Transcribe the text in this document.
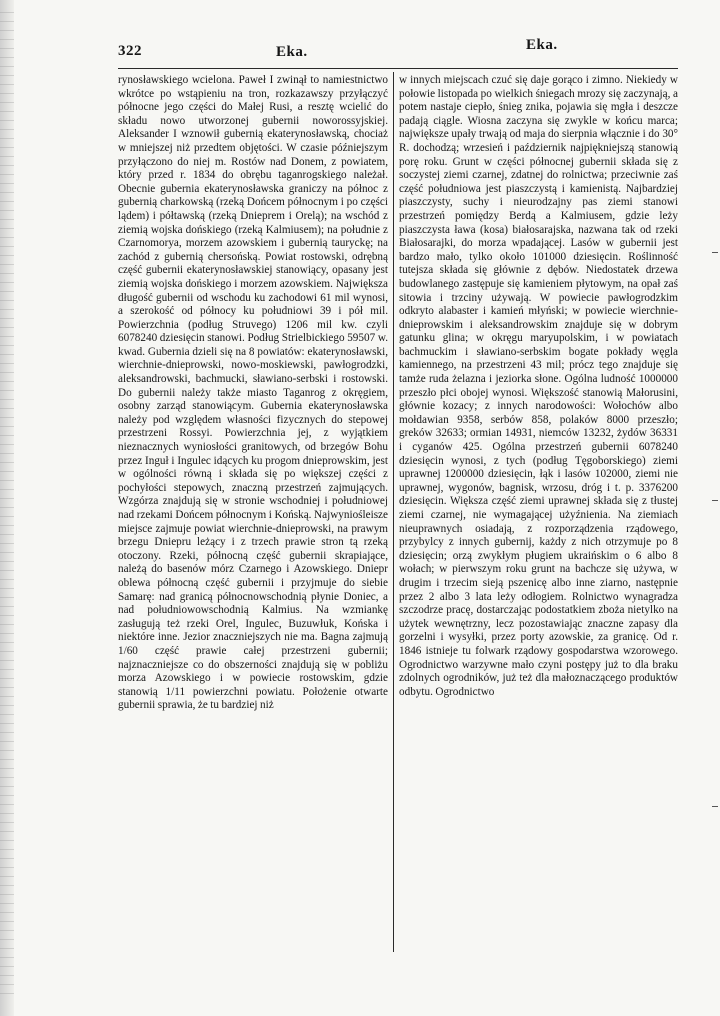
322	Eka.	Eka.

rynosławskiego wcielona. Paweł I zwinął to namiestnictwo wkrótce po wstąpieniu na tron, rozkazawszy przyłączyć północne jego części do Małej Rusi, a resztę wcielić do składu nowo utworzonej gubernii noworossyjskiej. Aleksander I wznowił gubernią ekaterynosławską, chociaż w mniejszej niż przedtem objętości. W czasie późniejszym przyłączono do niej m. Rostów nad Donem, z powiatem, który przed r. 1834 do obrębu taganrogskiego należał. Obecnie gubernia ekaterynosławska graniczy na północ z gubernią charkowską (rzeką Dońcem północnym i po części lądem) i półtawską (rzeką Dnieprem i Orelą); na wschód z ziemią wojska dońskiego (rzeką Kalmiusem); na południe z Czarnomorya, morzem azowskiem i gubernią tauryckę; na zachód z gubernią chersońską. Powiat rostowski, odrębną część gubernii ekaterynosławskiej stanowiący, opasany jest ziemią wojska dońskiego i morzem azowskiem. Największa długość gubernii od wschodu ku zachodowi 61 mil wynosi, a szerokość od północy ku południowi 39 i pół mil. Powierzchnia (podług Struvego) 1206 mil kw. czyli 6078240 dziesięcin stanowi. Podług Strielbickiego 59507 w. kwad. Gubernia dzieli się na 8 powiatów: ekaterynosławski, wierchnie-dnieprowski, nowo-moskiewski, pawłogrodzki, aleksandrowski, bachmucki, sławiano-serbski i rostowski. Do gubernii należy także miasto Taganrog z okręgiem, osobny zarząd stanowiącym. Gubernia ekaterynosławska należy pod względem własności fizycznych do stepowej przestrzeni Rossyi. Powierzchnia jej, z wyjątkiem nieznacznych wyniosłości granitowych, od brzegów Bohu przez Inguł i Ingulec idących ku progom dnieprowskim, jest w ogólności równą i składa się po większej części z pochyłości stepowych, znaczną przestrzeń zajmujących. Wzgórza znajdują się w stronie wschodniej i południowej nad rzekami Dońcem północnym i Końską. Najwyniośleisze miejsce zajmuje powiat wierchnie-dnieprowski, na prawym brzegu Dniepru leżący i z trzech prawie stron tą rzeką otoczony. Rzeki, północną część gubernii skrapiające, należą do basenów mórz Czarnego i Azowskiego. Dniepr oblewa północną część gubernii i przyjmuje do siebie Samarę: nad granicą północnowschodnią płynie Doniec, a nad południowowschodnią Kalmius. Na wzmiankę zasługują też rzeki Orel, Ingulec, Buzuwłuk, Końska i niektóre inne. Jezior znaczniejszych nie ma. Bagna zajmują 1/60 część prawie całej przestrzeni gubernii; najznaczniejsze co do obszerności znajdują się w pobliżu morza Azowskiego i w powiecie rostowskim, gdzie stanowią 1/11 powierzchni powiatu. Położenie otwarte gubernii sprawia, że tu bardziej niż

w innych miejscach czuć się daje gorąco i zimno. Niekiedy w połowie listopada po wielkich śniegach mrozy się zaczynają, a potem nastaje ciepło, śnieg znika, pojawia się mgła i deszcze padają ciągle. Wiosna zaczyna się zwykle w końcu marca; największe upały trwają od maja do sierpnia włącznie i do 30° R. dochodzą; wrzesień i październik najpiękniejszą stanowią porę roku. Grunt w części północnej gubernii składa się z soczystej ziemi czarnej, zdatnej do rolnictwa; przeciwnie zaś część południowa jest piaszczystą i kamienistą. Najbardziej piaszczysty, suchy i nieurodzajny pas ziemi stanowi przestrzeń pomiędzy Berdą a Kalmiusem, gdzie leży piaszczysta ława (kosa) białosarajska, nazwana tak od rzeki Białosarajki, do morza wpadającej. Lasów w gubernii jest bardzo mało, tylko około 101000 dziesięcin. Roślinność tutejsza składa się głównie z dębów. Niedostatek drzewa budowlanego zastępuje się kamieniem płytowym, na opał zaś sitowia i trzciny używają. W powiecie pawłogrodzkim odkryto alabaster i kamień młyński; w powiecie wierchnie-dnieprowskim i aleksandrowskim znajduje się w dobrym gatunku glina; w okręgu maryupolskim, i w powiatach bachmuckim i sławiano-serbskim bogate pokłady węgla kamiennego, na przestrzeni 43 mil; prócz tego znajduje się tamże ruda żelazna i jeziorka słone. Ogólna ludność 1000000 przeszło płci obojej wynosi. Większość stanowią Małorusini, głównie kozacy; z innych narodowości: Wołochów albo mołdawian 9358, serbów 858, polaków 8000 przeszło; greków 32633; ormian 14931, niemców 13232, żydów 36331 i cyganów 425. Ogólna przestrzeń gubernii 6078240 dziesięcin wynosi, z tych (podług Tęgoborskiego) ziemi uprawnej 1200000 dziesięcin, łąk i lasów 102000, ziemi nie uprawnej, wygonów, bagnisk, wrzosu, dróg i t. p. 3376200 dziesięcin. Większa część ziemi uprawnej składa się z tłustej ziemi czarnej, nie wymagającej użyźnienia. Na ziemiach nieuprawnych osiadają, z rozporządzenia rządowego, przybylcy z innych gubernij, każdy z nich otrzymuje po 8 dziesięcin; orzą zwykłym pługiem ukraińskim o 6 albo 8 wołach; w pierwszym roku grunt na bachcze się używa, w drugim i trzecim sieją pszenicę albo inne ziarno, następnie przez 2 albo 3 lata leży odłogiem. Rolnictwo wynagradza szczodrze pracę, dostarczając podostatkiem zboża nietylko na użytek wewnętrzny, lecz pozostawiając znaczne zapasy dla gorzelni i wysyłki, przez porty azowskie, za granicę. Od r. 1846 istnieje tu folwark rządowy gospodarstwa wzorowego. Ogrodnictwo warzywne mało czyni postępy już to dla braku zdolnych ogrodników, już też dla małoznaczącego produktów odbytu. Ogrodnictwo
